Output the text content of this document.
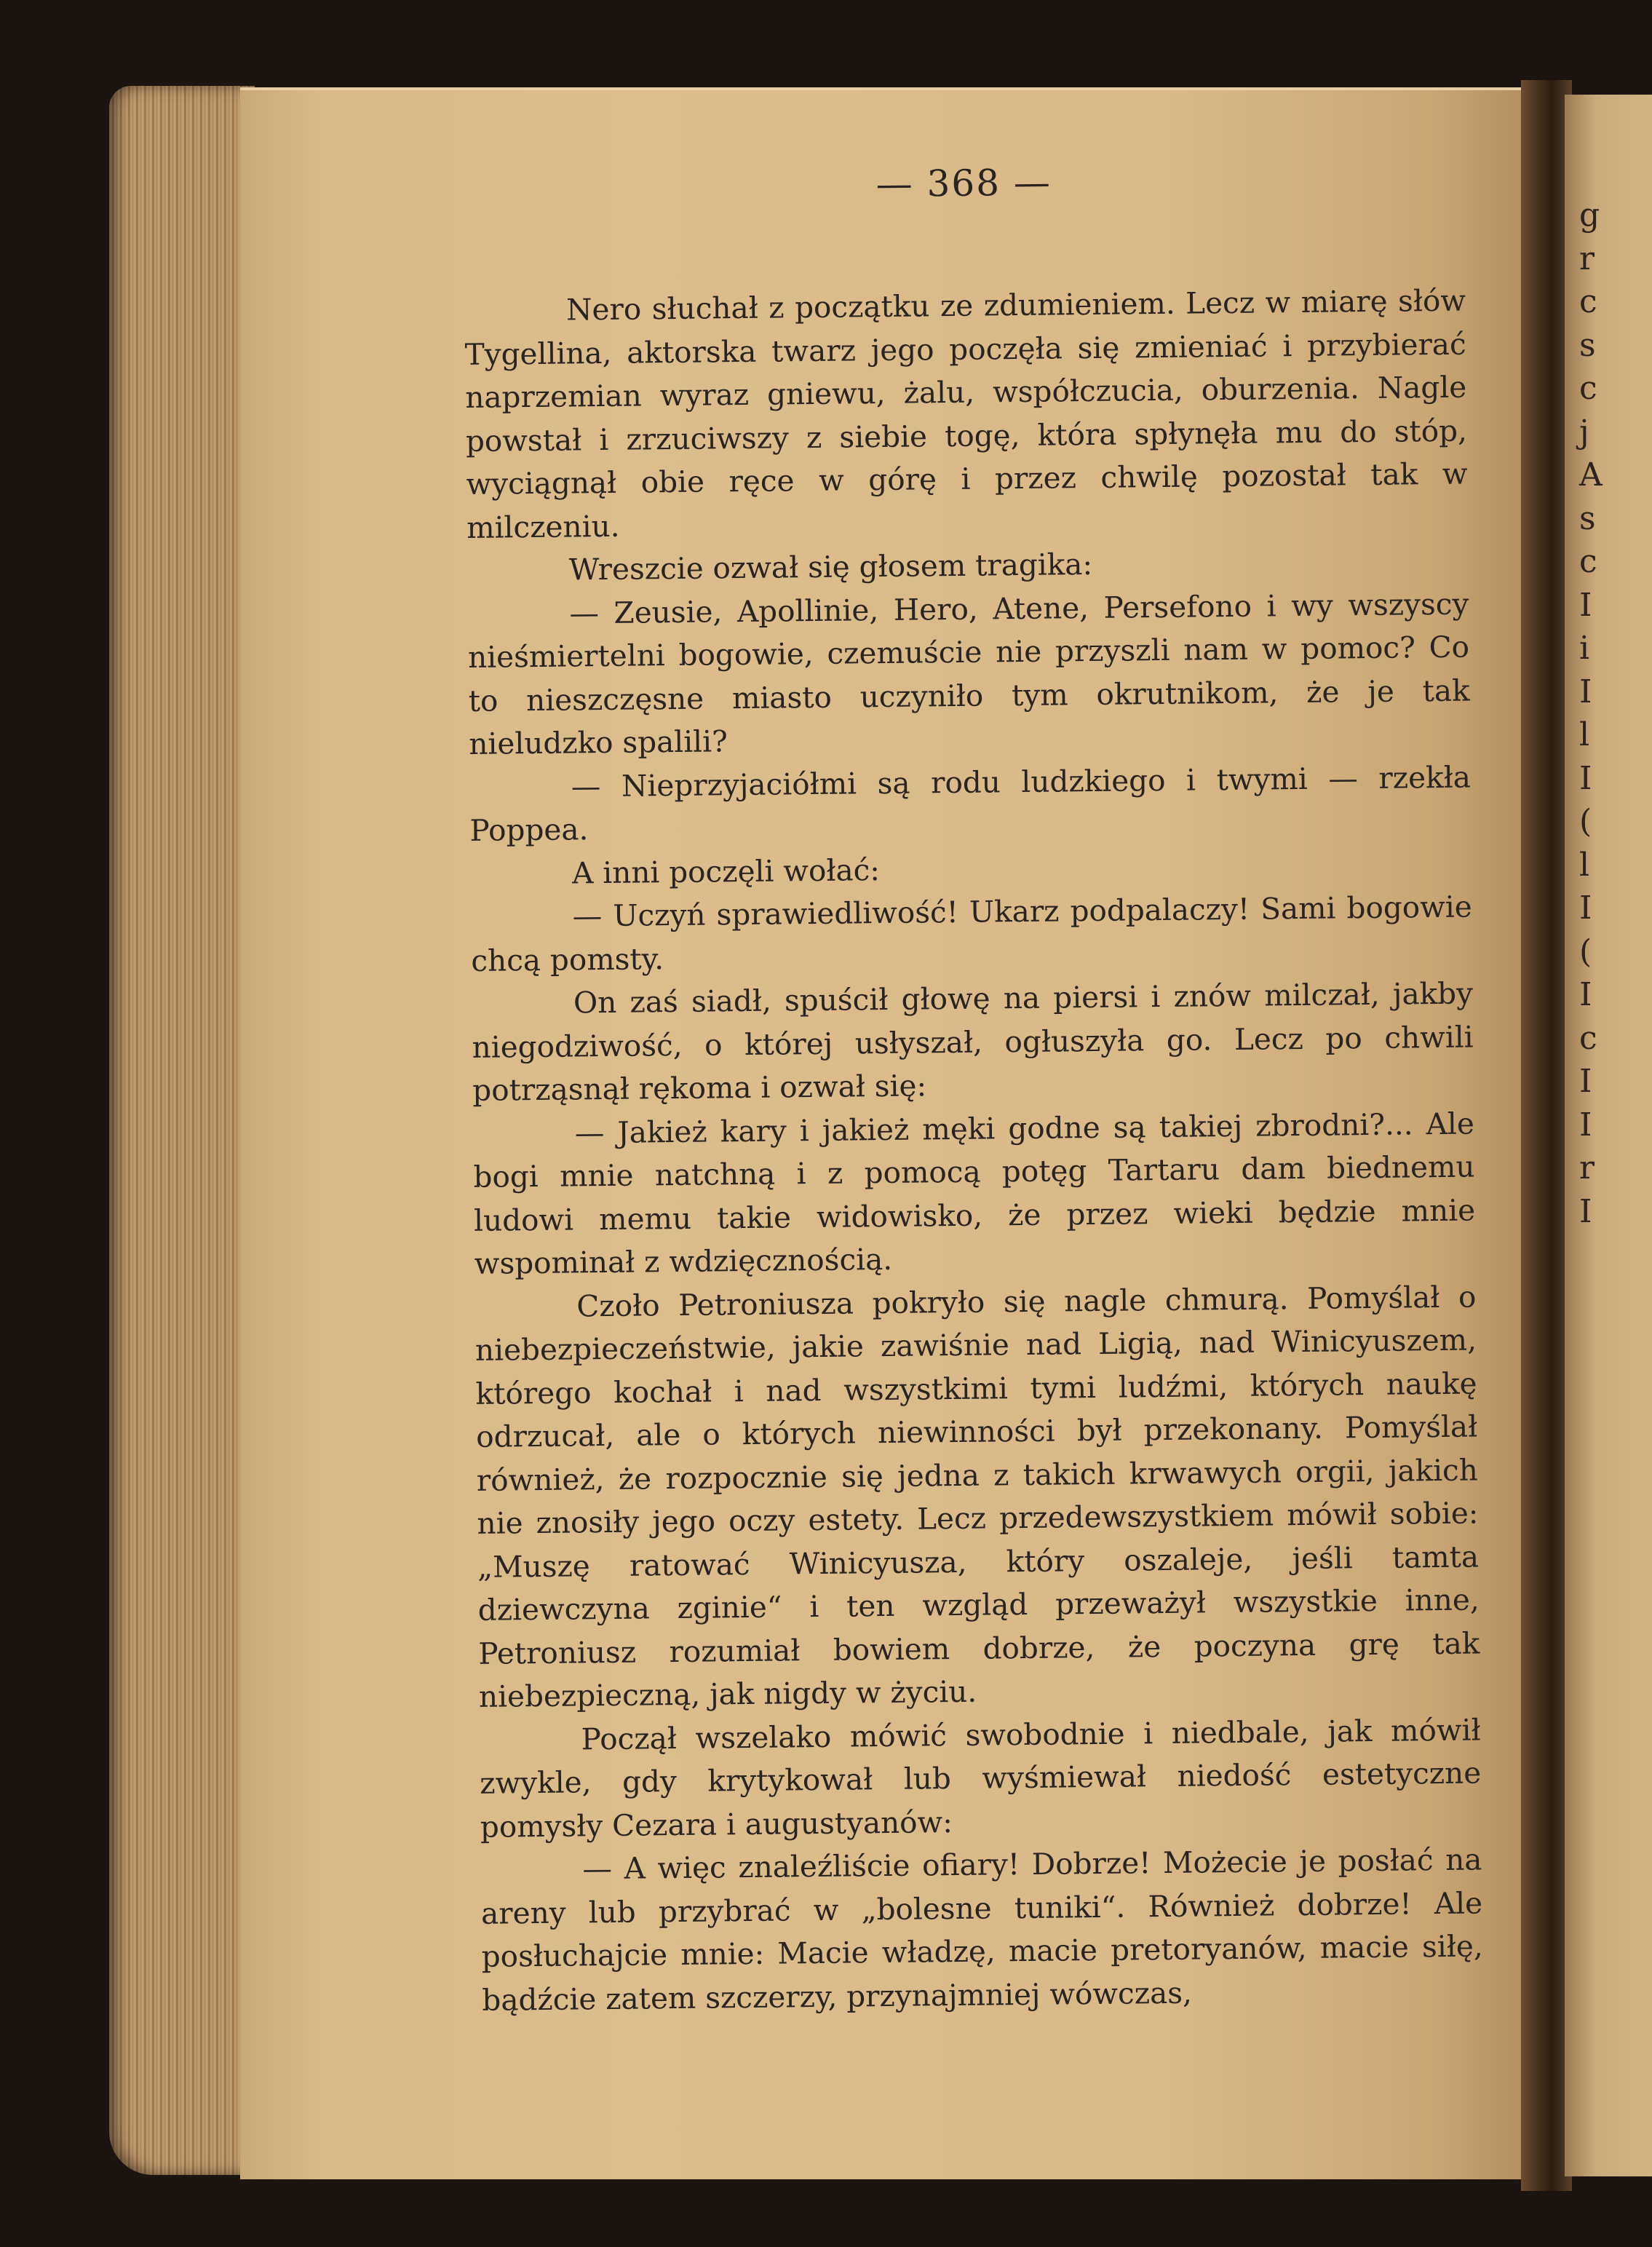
— 368 —

Nero słuchał z początku ze zdumieniem. Lecz w miarę słów Tygellina, aktorska twarz jego poczęła się zmieniać i przybierać naprzemian wyraz gniewu, żalu, współczucia, oburzenia. Nagle powstał i zrzuciwszy z siebie togę, która spłynęła mu do stóp, wyciągnął obie ręce w górę i przez chwilę pozostał tak w milczeniu.

Wreszcie ozwał się głosem tragika:

— Zeusie, Apollinie, Hero, Atene, Persefono i wy wszyscy nieśmiertelni bogowie, czemuście nie przyszli nam w pomoc? Co to nieszczęsne miasto uczyniło tym okrutnikom, że je tak nieludzko spalili?

— Nieprzyjaciółmi są rodu ludzkiego i twymi — rzekła Poppea.

A inni poczęli wołać:

— Uczyń sprawiedliwość! Ukarz podpalaczy! Sami bogowie chcą pomsty.

On zaś siadł, spuścił głowę na piersi i znów milczał, jakby niegodziwość, o której usłyszał, ogłuszyła go. Lecz po chwili potrząsnął rękoma i ozwał się:

— Jakież kary i jakież męki godne są takiej zbrodni?... Ale bogi mnie natchną i z pomocą potęg Tartaru dam biednemu ludowi memu takie widowisko, że przez wieki będzie mnie wspominał z wdzięcznością.

Czoło Petroniusza pokryło się nagle chmurą. Pomyślał o niebezpieczeństwie, jakie zawiśnie nad Ligią, nad Winicyuszem, którego kochał i nad wszystkimi tymi ludźmi, których naukę odrzucał, ale o których niewinności był przekonany. Pomyślał również, że rozpocznie się jedna z takich krwawych orgii, jakich nie znosiły jego oczy estety. Lecz przedewszystkiem mówił sobie: „Muszę ratować Winicyusza, który oszaleje, jeśli tamta dziewczyna zginie“ i ten wzgląd przeważył wszystkie inne, Petroniusz rozumiał bowiem dobrze, że poczyna grę tak niebezpieczną, jak nigdy w życiu.

Począł wszelako mówić swobodnie i niedbale, jak mówił zwykle, gdy krytykował lub wyśmiewał niedość estetyczne pomysły Cezara i augustyanów:

— A więc znaleźliście ofiary! Dobrze! Możecie je posłać na areny lub przybrać w „bolesne tuniki“. Również dobrze! Ale posłuchajcie mnie: Macie władzę, macie pretoryanów, macie siłę, bądźcie zatem szczerzy, przynajmniej wówczas,

g
r
c
s
c
j
A
s
c
I
i
I
l
I
(
l
I
(
I
c
I
I
r
I
